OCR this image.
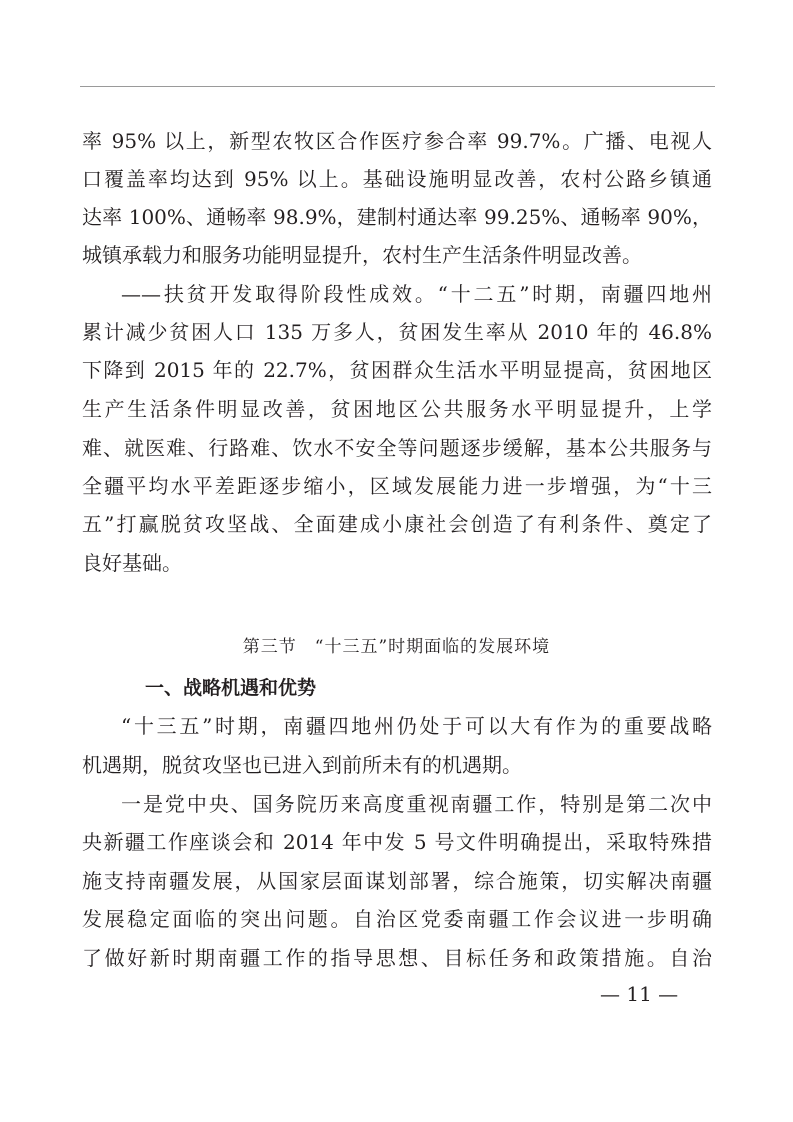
率 95% 以上，新型农牧区合作医疗参合率 99.7%。广播、电视人
口覆盖率均达到 95% 以上。基础设施明显改善，农村公路乡镇通
达率 100%、通畅率 98.9%，建制村通达率 99.25%、通畅率 90%，
城镇承载力和服务功能明显提升，农村生产生活条件明显改善。
——扶贫开发取得阶段性成效。“十二五”时期，南疆四地州
累计减少贫困人口 135 万多人，贫困发生率从 2010 年的 46.8%
下降到 2015 年的 22.7%，贫困群众生活水平明显提高，贫困地区
生产生活条件明显改善，贫困地区公共服务水平明显提升，上学
难、就医难、行路难、饮水不安全等问题逐步缓解，基本公共服务与
全疆平均水平差距逐步缩小，区域发展能力进一步增强，为“十三
五”打赢脱贫攻坚战、全面建成小康社会创造了有利条件、奠定了
良好基础。
第三节　“十三五”时期面临的发展环境
一、战略机遇和优势
“十三五”时期，南疆四地州仍处于可以大有作为的重要战略
机遇期，脱贫攻坚也已进入到前所未有的机遇期。
一是党中央、国务院历来高度重视南疆工作，特别是第二次中
央新疆工作座谈会和 2014 年中发 5 号文件明确提出，采取特殊措
施支持南疆发展，从国家层面谋划部署，综合施策，切实解决南疆
发展稳定面临的突出问题。自治区党委南疆工作会议进一步明确
了做好新时期南疆工作的指导思想、目标任务和政策措施。自治
— 11 —
